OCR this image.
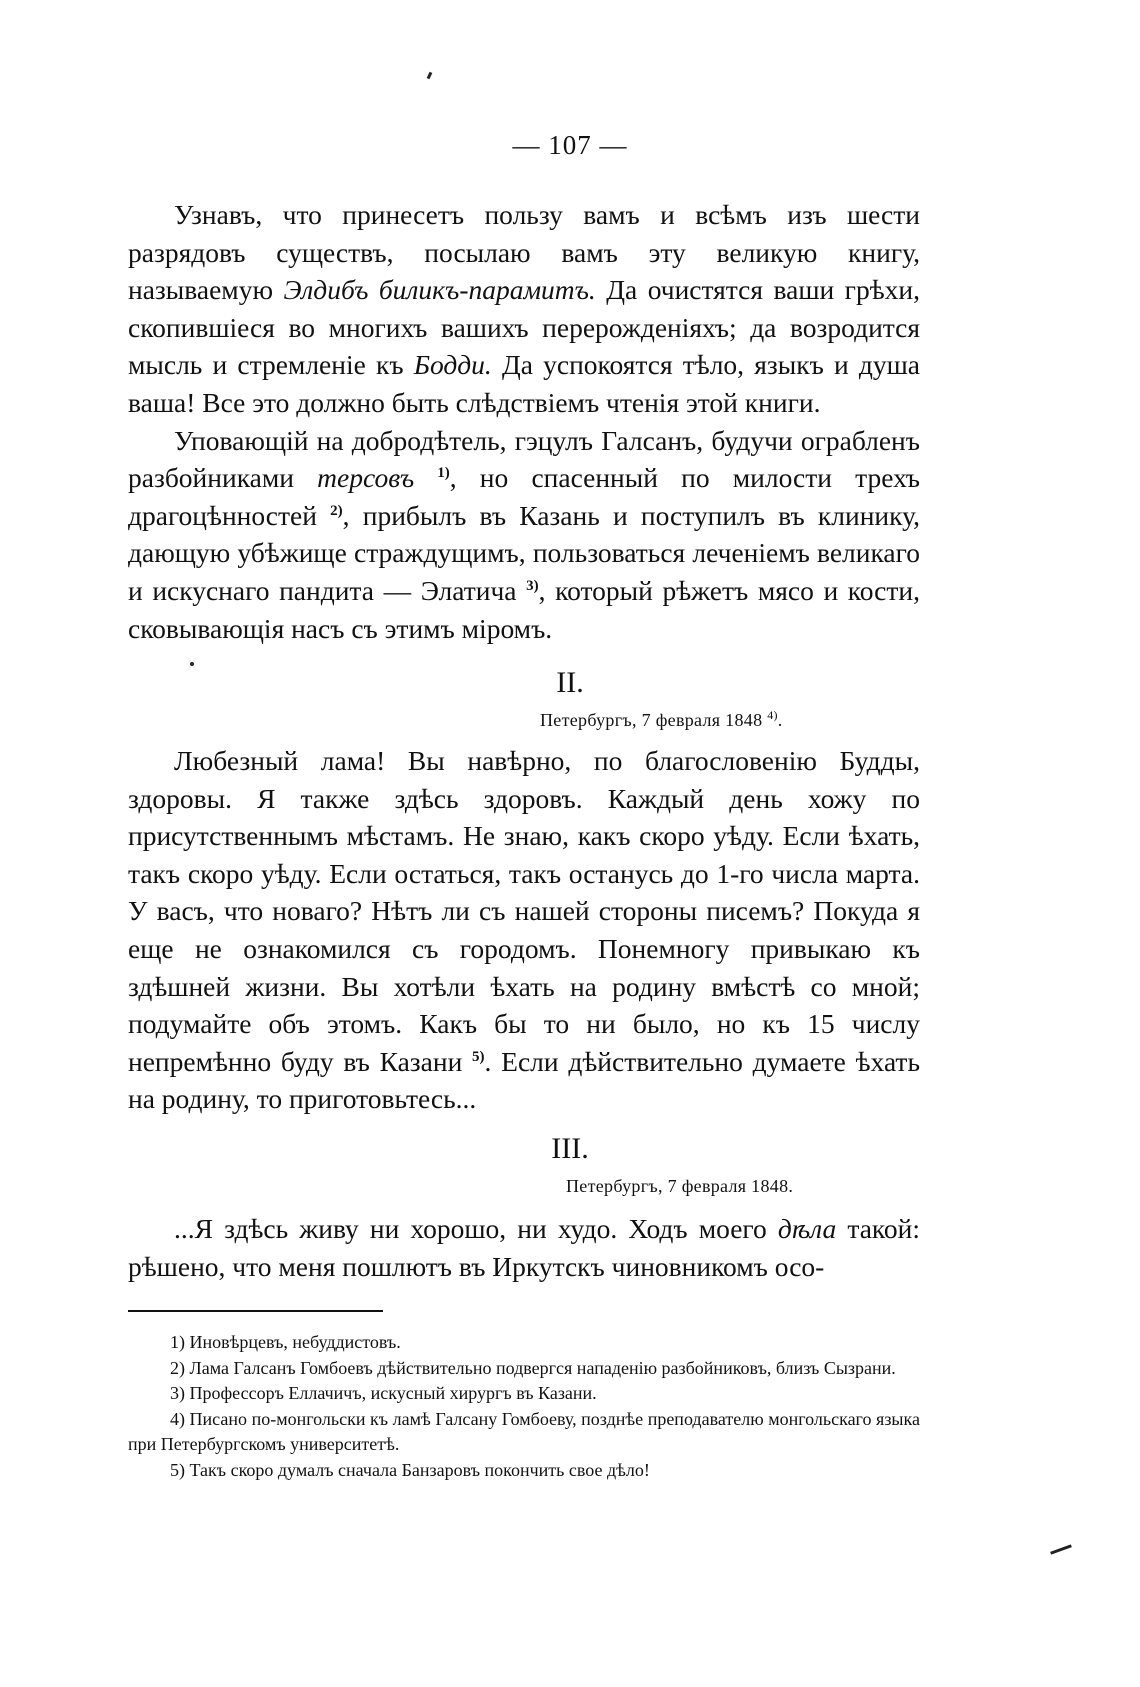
— 107 —

Узнавъ, что принесетъ пользу вамъ и всѣмъ изъ шести разрядовъ существъ, посылаю вамъ эту великую книгу, называемую Элдибъ биликъ-парамитъ. Да очистятся ваши грѣхи, скопившіеся во многихъ вашихъ перерожденіяхъ; да возродится мысль и стремленіе къ Бодди. Да успокоятся тѣло, языкъ и душа ваша! Все это должно быть слѣдствіемъ чтенія этой книги.

Уповающій на добродѣтель, гэцулъ Галсанъ, будучи ограбленъ разбойниками терсовъ $^{1)}$, но спасенный по милости трехъ драгоцѣнностей $^{2)}$, прибылъ въ Казань и поступилъ въ клинику, дающую убѣжище страждущимъ, пользоваться леченіемъ великаго и искуснаго пандита — Элатича $^{3)}$, который рѣжетъ мясо и кости, сковывающія насъ съ этимъ міромъ.

II.
Петербургъ, 7 февраля 1848 $^{4)}$.

Любезный лама! Вы навѣрно, по благословенію Будды, здоровы. Я также здѣсь здоровъ. Каждый день хожу по присутственнымъ мѣстамъ. Не знаю, какъ скоро уѣду. Если ѣхать, такъ скоро уѣду. Если остаться, такъ останусь до 1-го числа марта. У васъ, что новаго? Нѣтъ ли съ нашей стороны писемъ? Покуда я еще не ознакомился съ городомъ. Понемногу привыкаю къ здѣшней жизни. Вы хотѣли ѣхать на родину вмѣстѣ со мной; подумайте объ этомъ. Какъ бы то ни было, но къ 15 числу непремѣнно буду въ Казани $^{5)}$. Если дѣйствительно думаете ѣхать на родину, то приготовьтесь...

III.
Петербургъ, 7 февраля 1848.

...Я здѣсь живу ни хорошо, ни худо. Ходъ моего дѣла такой: рѣшено, что меня пошлютъ въ Иркутскъ чиновникомъ осо-

1) Иновѣрцевъ, небуддистовъ.

2) Лама Галсанъ Гомбоевъ дѣйствительно подвергся нападенію разбойниковъ, близъ Сызрани.

3) Профессоръ Еллачичъ, искусный хирургъ въ Казани.

4) Писано по-монгольски къ ламѣ Галсану Гомбоеву, позднѣе преподавателю монгольскаго языка при Петербургскомъ университетѣ.

5) Такъ скоро думалъ сначала Банзаровъ покончить свое дѣло!
